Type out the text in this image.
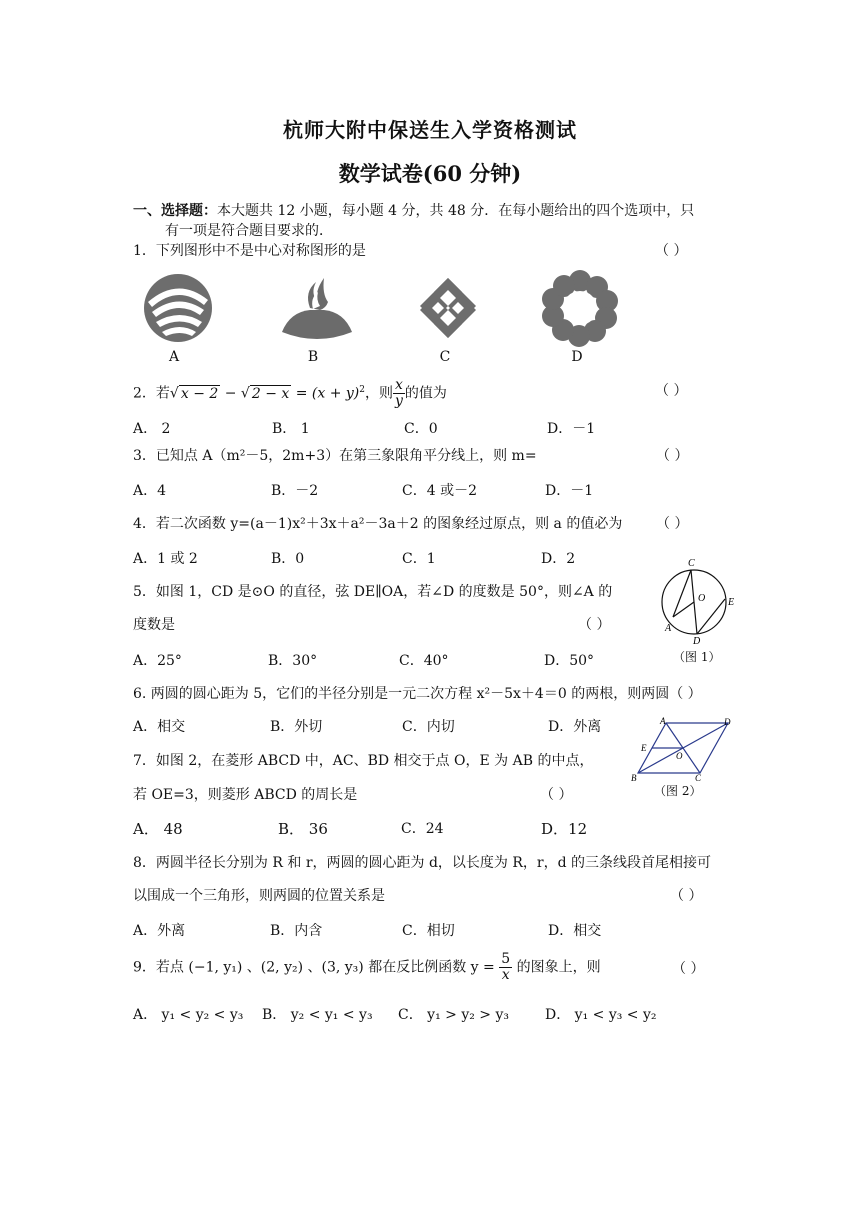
杭师大附中保送生入学资格测试
数学试卷(60 分钟)
一、选择题：本大题共 12 小题，每小题 4 分，共 48 分．在每小题给出的四个选项中，只
有一项是符合题目要求的．
1．下列图形中不是中心对称图形的是	（ ）
A	B	C	D
2．若√ x − 2 − √ $2 - x = (x + y)^2$，则 $\frac{x}{y}$ 的值为	（ ）
A． 2	B． 1	C．0	D．－1
3．已知点 A（m²－5，2m+3）在第三象限角平分线上，则 m=	（ ）
A．4	B．－2	C．4 或－2	D．－1
4．若二次函数 y=(a－1)x²＋3x＋a²－3a＋2 的图象经过原点，则 a 的值必为 （ ）
A．1 或 2	B．0	C．1	D．2
5．如图 1，CD 是⊙O 的直径，弦 DE∥OA，若∠D 的度数是 50°，则∠A 的
度数是	（ ）
A．25°	B．30°	C．40°	D．50°
C
O E
A
D
（图 1）
6. 两圆的圆心距为 5，它们的半径分别是一元二次方程 x²－5x＋4＝0 的两根，则两圆（ ）
A．相交	B．外切	C．内切	D．外离	A	D
E
O
B	C
（图 2）
7．如图 2，在菱形 ABCD 中，AC、BD 相交于点 O，E 为 AB 的中点，
若 OE=3，则菱形 ABCD 的周长是	（ ）
A． 48	B． 36	C．24	D．12
8．两圆半径长分别为 R 和 r，两圆的圆心距为 d，以长度为 R，r，d 的三条线段首尾相接可
以围成一个三角形，则两圆的位置关系是	（ ）
A．外离	B．内含	C．相切	D．相交
9．若点 (−1, y₁) 、(2, y₂) 、(3, y₃) 都在反比例函数 $y = \frac{5}{x}$ 的图象上，则	（ ）
A． y₁ < y₂ < y₃ B． y₂ < y₁ < y₃ C． y₁ > y₂ > y₃	D． y₁ < y₃ < y₂
